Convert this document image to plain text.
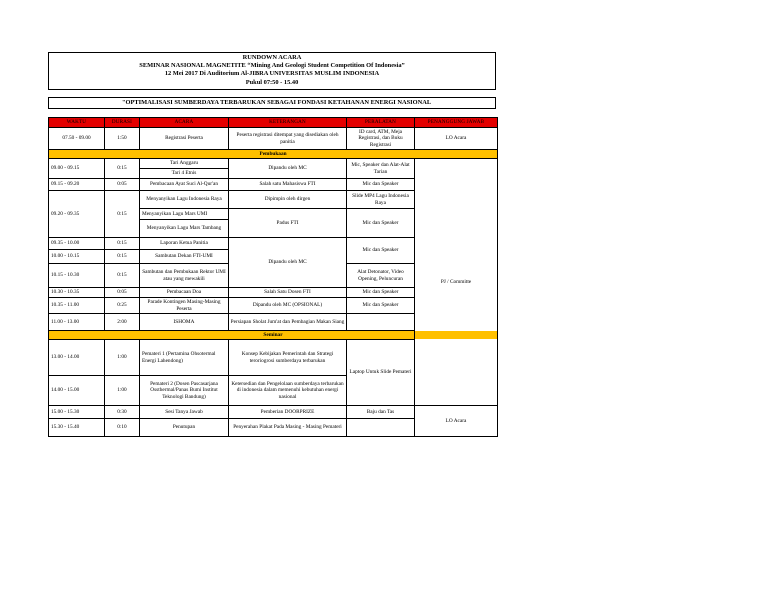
RUNDOWN ACARA
SEMINAR NASIONAL MAGNETITE “Mining And Geologi Student Competition Of Indonesia”
12 Mei 2017 Di Auditorium Al-JIBRA UNIVERSITAS MUSLIM INDONESIA
Pukul 07:50 - 15.40
"OPTIMALISASI SUMBERDAYA TERBARUKAN SEBAGAI FONDASI KETAHANAN ENERGI NASIONAL
WAKTU	DURASI	ACARA	KETERANGAN	PERALATAN	PENANGGUNG JAWAB	
07.50 - 09.00	1:50	Registrasi Peserta	Peserta registrasi ditempat yang disediakan oleh panitia	ID card, ATM, Meja Registrasi, dan Buku Registrasi	LO Acara	
Pembukaan						
09.00 - 09.15	0:15	Tari Anggaru	Dipandu oleh MC	Mic, Speaker dan Alat-Alat Tarian	PJ / Committe	
		Tari 4 Etnis				
09.15 - 09.20	0:05	Pembacaan Ayat Suci Al-Qur'an	Salah satu Mahasiswa FTI	Mic dan Speaker		
09.20 - 09.35	0:15	Menyanyikan Lagu Indonesia Raya	Dipimpin oleh dirgen	Slide MP4 Lagu Indonesia Raya		
		Menyanyikan Lagu Mars UMI	Padus FTI	Mic dan Speaker		
		Menyanyikan Lagu Mars Tambang				
09.35 - 10.00	0:15	Laporan Ketua Panitia	Dipandu oleh MC	Mic dan Speaker		
10.00 - 10.15	0:15	Sambutan Dekan FTI-UMI				
10.15 - 10.30	0:15	Sambutan dan Pembukaan Rektor UMI atau yang mewakili		Alat Detonator, Video Opening, Peluncuran		
10.30 - 10.35	0:05	Pembacaan Doa	Salah Satu Dosen FTI	Mic dan Speaker		
10.35 - 11.00	0:25	Parade Kontingen Masing-Masing Peserta	Dipandu oleh MC (OPSIONAL)	Mic dan Speaker		
11.00 - 13.00	2:00	ISHOMA	Persiapan Sholat Jum'at dan Pembagian Makan Siang		
Seminar						
13.00 - 14.00	1:00	Pemateri 1 (Pertamina Ohsotermal Energi Lahendong)	Konsep Kebijakan Pemerintah dan Strategi teroriogrosi sumberdaya terbarukan	Laptop Untuk Slide Pemateri	
14.00 - 15.00	1:00	Pemateri 2 (Dosen Pascasarjana Ossthermal/Panas Bumi Institut Teknologi Bandung)	Ketersedian dan Pengelolaan sumberdaya terbarukan di indonesia dalam memenuhi kebutuhan energi nasional			
15.00 - 15.30	0:30	Sesi Tanya Jawab	Pemberian DOORPRIZE	Baju dan Tas	LO Acara	
15.30 - 15.40	0:10	Penutupan	Penyerahan Plakat Pada Masing - Masing Pemateri			
